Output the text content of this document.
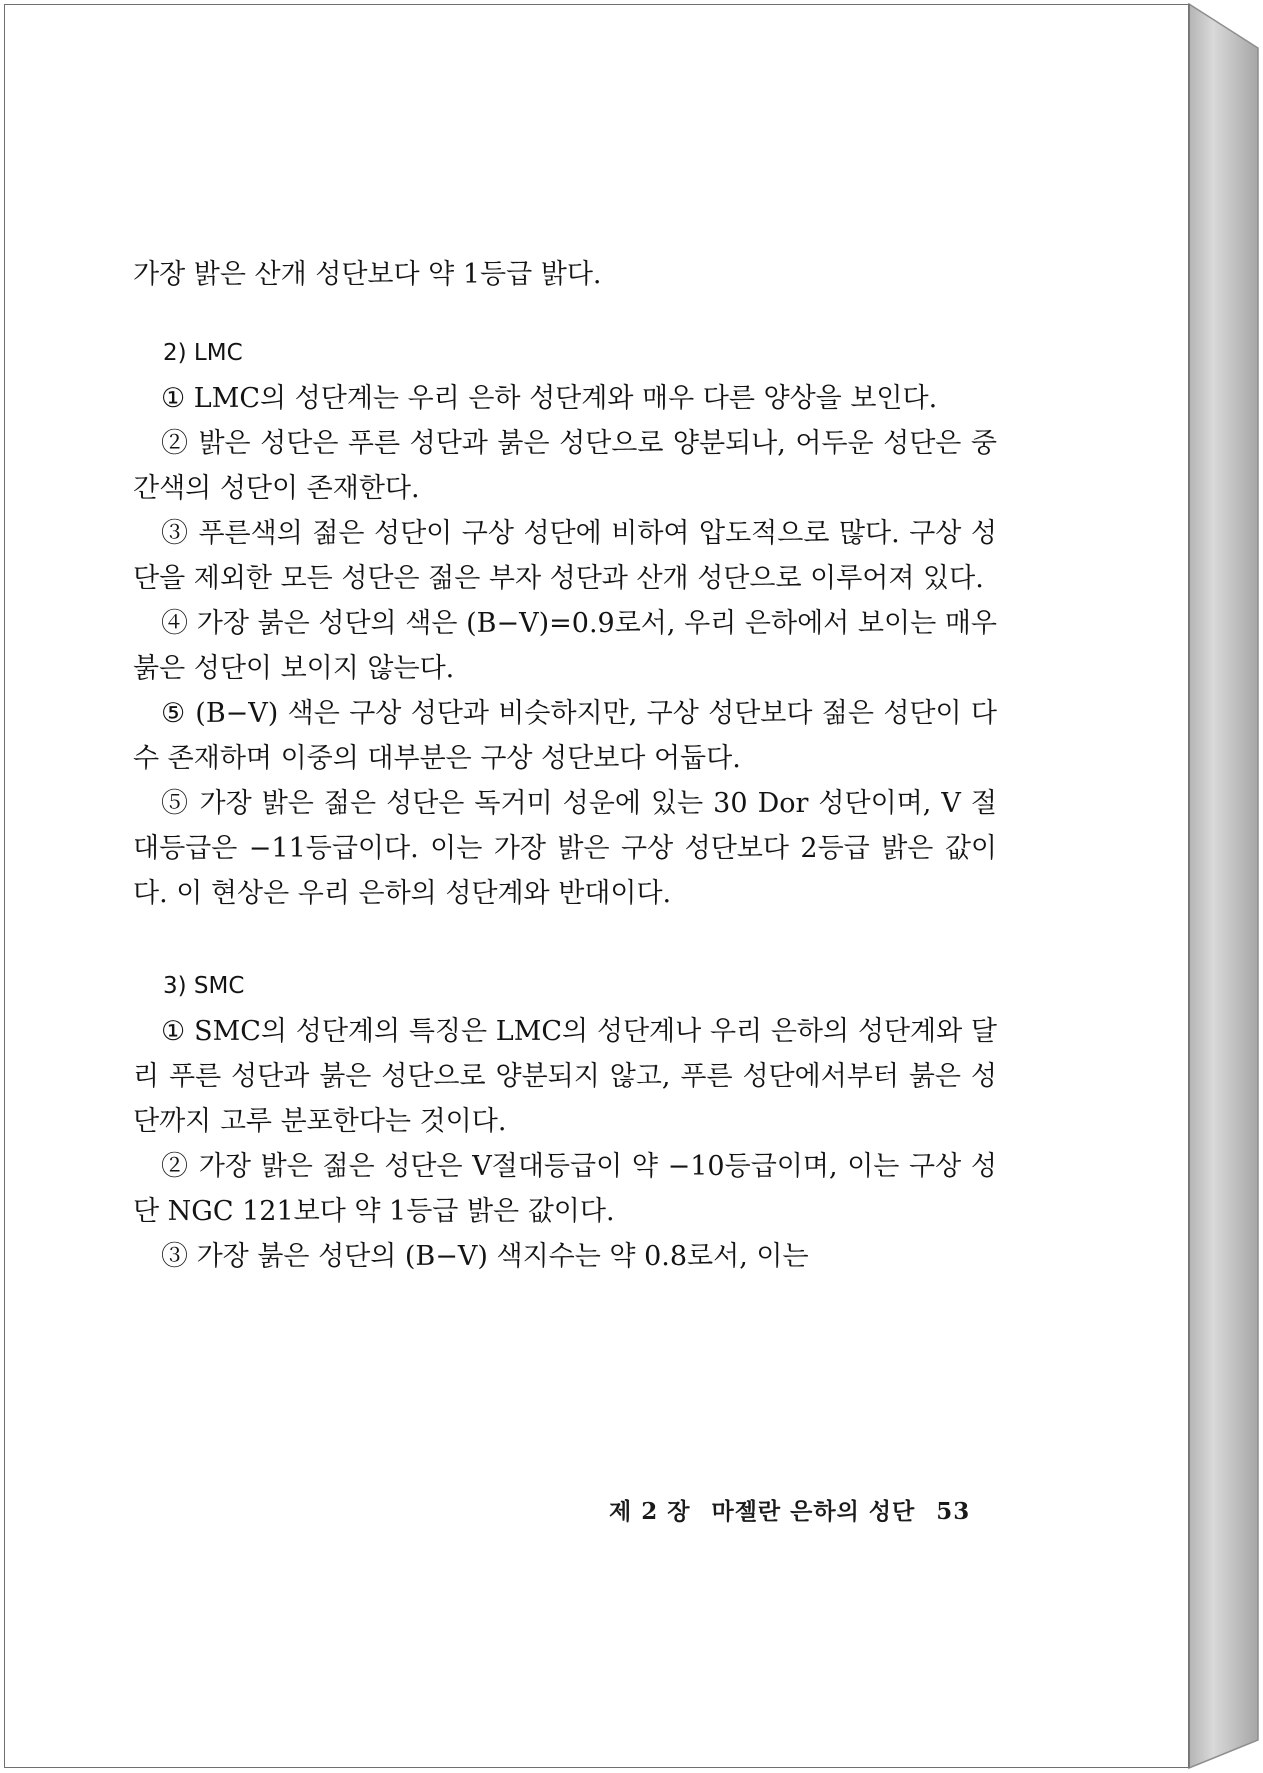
가장 밝은 산개 성단보다 약 1등급 밝다.

2) LMC

① LMC의 성단계는 우리 은하 성단계와 매우 다른 양상을 보인다.

② 밝은 성단은 푸른 성단과 붉은 성단으로 양분되나, 어두운 성단은 중간색의 성단이 존재한다.

③ 푸른색의 젊은 성단이 구상 성단에 비하여 압도적으로 많다. 구상 성단을 제외한 모든 성단은 젊은 부자 성단과 산개 성단으로 이루어져 있다.

④ 가장 붉은 성단의 색은 (B−V)=0.9로서, 우리 은하에서 보이는 매우 붉은 성단이 보이지 않는다.

⑤ (B−V) 색은 구상 성단과 비슷하지만, 구상 성단보다 젊은 성단이 다수 존재하며 이중의 대부분은 구상 성단보다 어둡다.

⑤ 가장 밝은 젊은 성단은 독거미 성운에 있는 30 Dor 성단이며, V 절대등급은 −11등급이다. 이는 가장 밝은 구상 성단보다 2등급 밝은 값이다. 이 현상은 우리 은하의 성단계와 반대이다.

3) SMC

① SMC의 성단계의 특징은 LMC의 성단계나 우리 은하의 성단계와 달리 푸른 성단과 붉은 성단으로 양분되지 않고, 푸른 성단에서부터 붉은 성단까지 고루 분포한다는 것이다.

② 가장 밝은 젊은 성단은 V절대등급이 약 −10등급이며, 이는 구상 성단 NGC 121보다 약 1등급 밝은 값이다.

③ 가장 붉은 성단의 (B−V) 색지수는 약 0.8로서, 이는

제 2 장 마젤란 은하의 성단 53
